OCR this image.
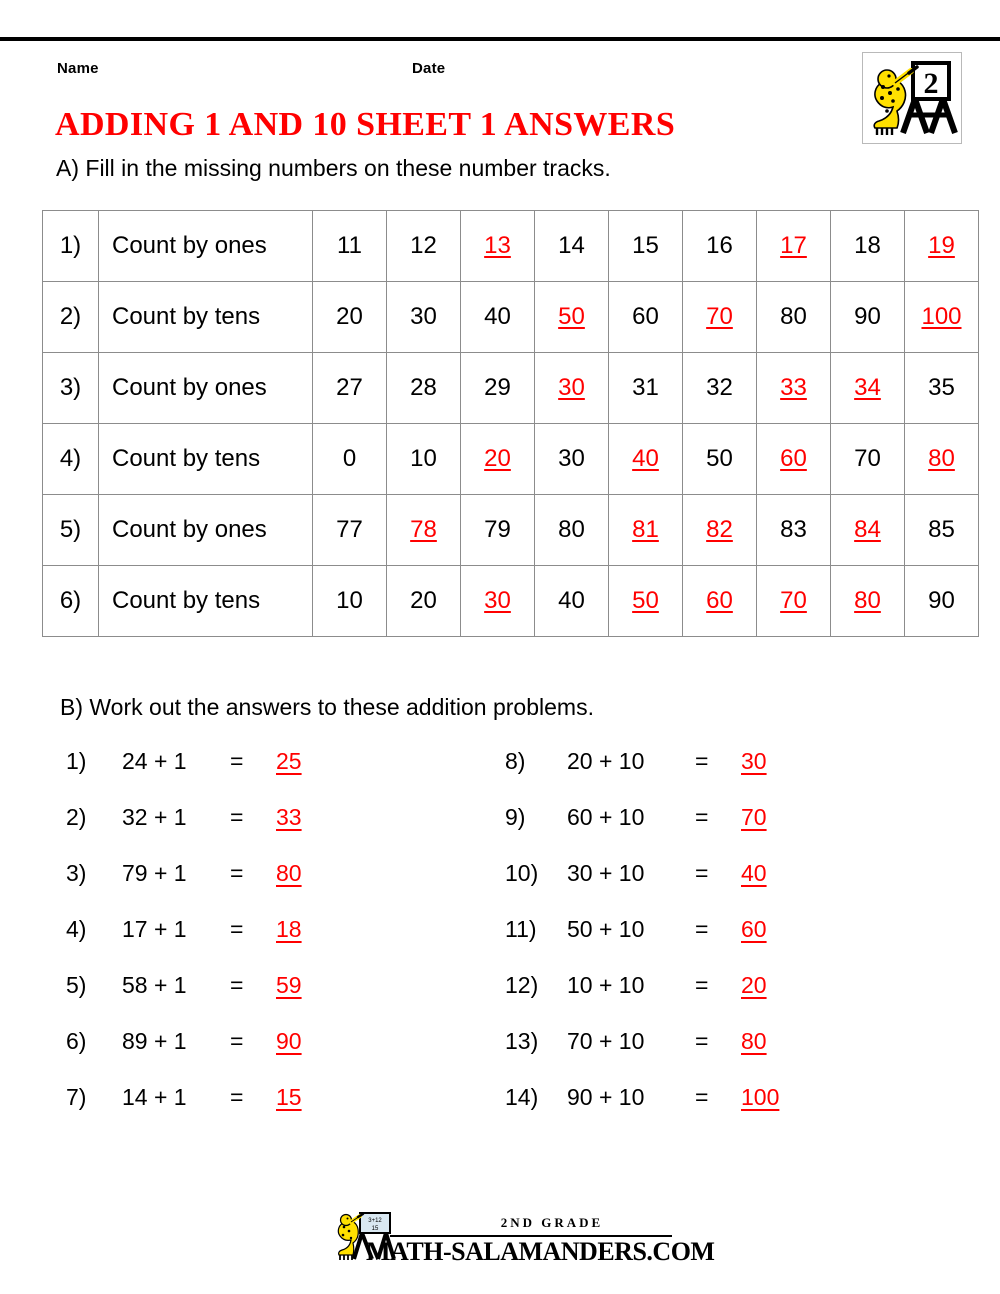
Name	Date	2
ADDING 1 AND 10 SHEET 1 ANSWERS
A) Fill in the missing numbers on these number tracks.
1)	Count by ones	11	12	13	14	15	16	17	18	19
2)	Count by tens	20	30	40	50	60	70	80	90	100
3)	Count by ones	27	28	29	30	31	32	33	34	35
4)	Count by tens	0	10	20	30	40	50	60	70	80
5)	Count by ones	77	78	79	80	81	82	83	84	85
6)	Count by tens	10	20	30	40	50	60	70	80	90
B) Work out the answers to these addition problems.
1)	24 + 1	=	25
2)	32 + 1	=	33
3)	79 + 1	=	80
4)	17 + 1	=	18
5)	58 + 1	=	59
6)	89 + 1	=	90
7)	14 + 1	=	15
8)	20 + 10	=	30
9)	60 + 10	=	70
10)	30 + 10	=	40
11)	50 + 10	=	60
12)	10 + 10	=	20
13)	70 + 10	=	80
14)	90 + 10	=	100
3+12
15	2ND GRADE
MATH-SALAMANDERS.COM
